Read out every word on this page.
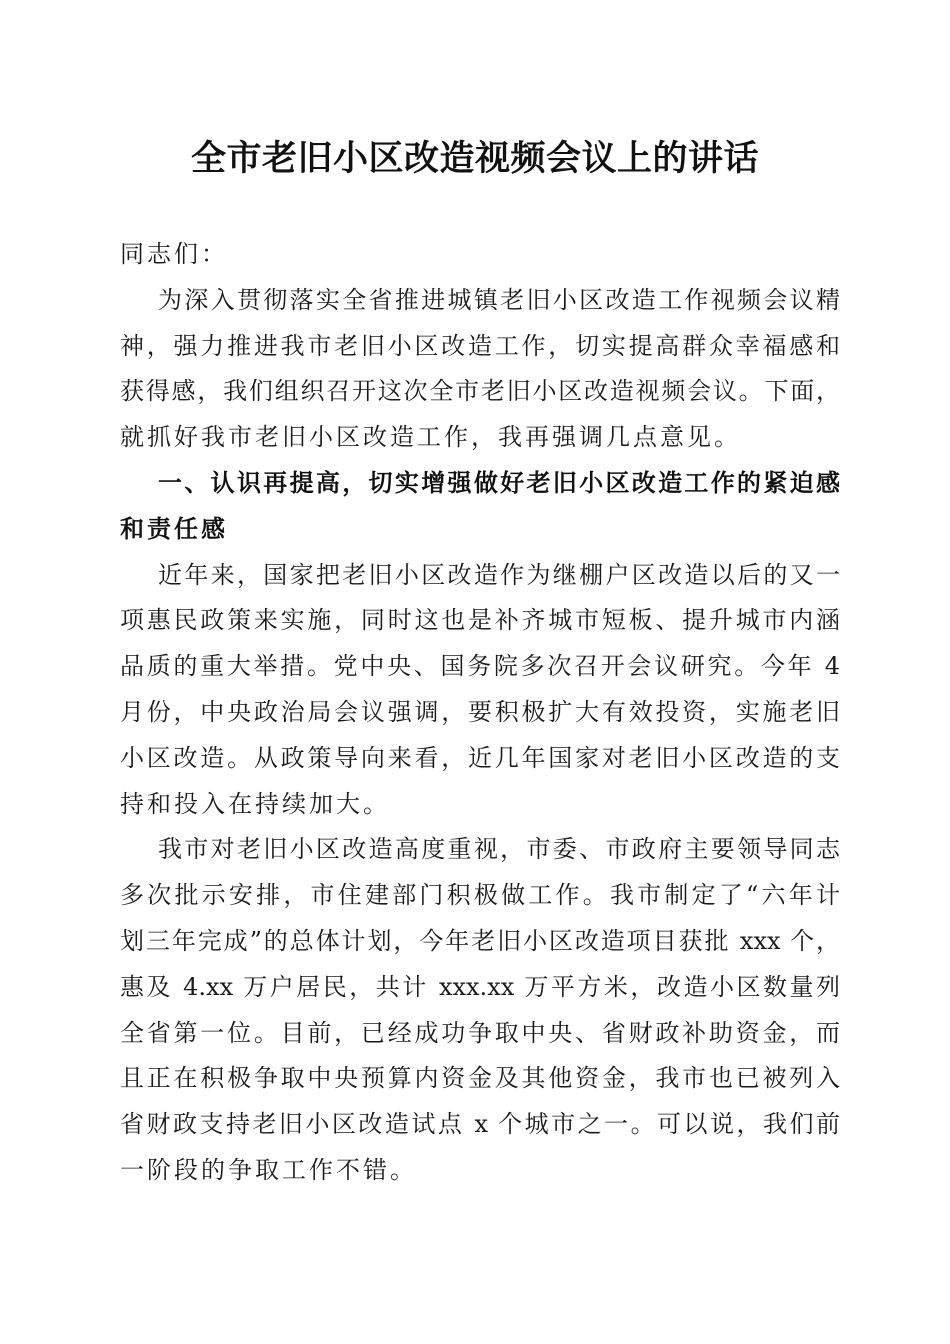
全市老旧小区改造视频会议上的讲话
同志们：
为深入贯彻落实全省推进城镇老旧小区改造工作视频会议精
神，强力推进我市老旧小区改造工作，切实提高群众幸福感和
获得感，我们组织召开这次全市老旧小区改造视频会议。下面，
就抓好我市老旧小区改造工作，我再强调几点意见。
一、认识再提高，切实增强做好老旧小区改造工作的紧迫感
和责任感
近年来，国家把老旧小区改造作为继棚户区改造以后的又一
项惠民政策来实施，同时这也是补齐城市短板、提升城市内涵
品质的重大举措。党中央、国务院多次召开会议研究。今年 4
月份，中央政治局会议强调，要积极扩大有效投资，实施老旧
小区改造。从政策导向来看，近几年国家对老旧小区改造的支
持和投入在持续加大。
我市对老旧小区改造高度重视，市委、市政府主要领导同志
多次批示安排，市住建部门积极做工作。我市制定了“六年计
划三年完成”的总体计划，今年老旧小区改造项目获批 xxx 个，
惠及 4.xx 万户居民，共计 xxx.xx 万平方米，改造小区数量列
全省第一位。目前，已经成功争取中央、省财政补助资金，而
且正在积极争取中央预算内资金及其他资金，我市也已被列入
省财政支持老旧小区改造试点 x 个城市之一。可以说，我们前
一阶段的争取工作不错。
